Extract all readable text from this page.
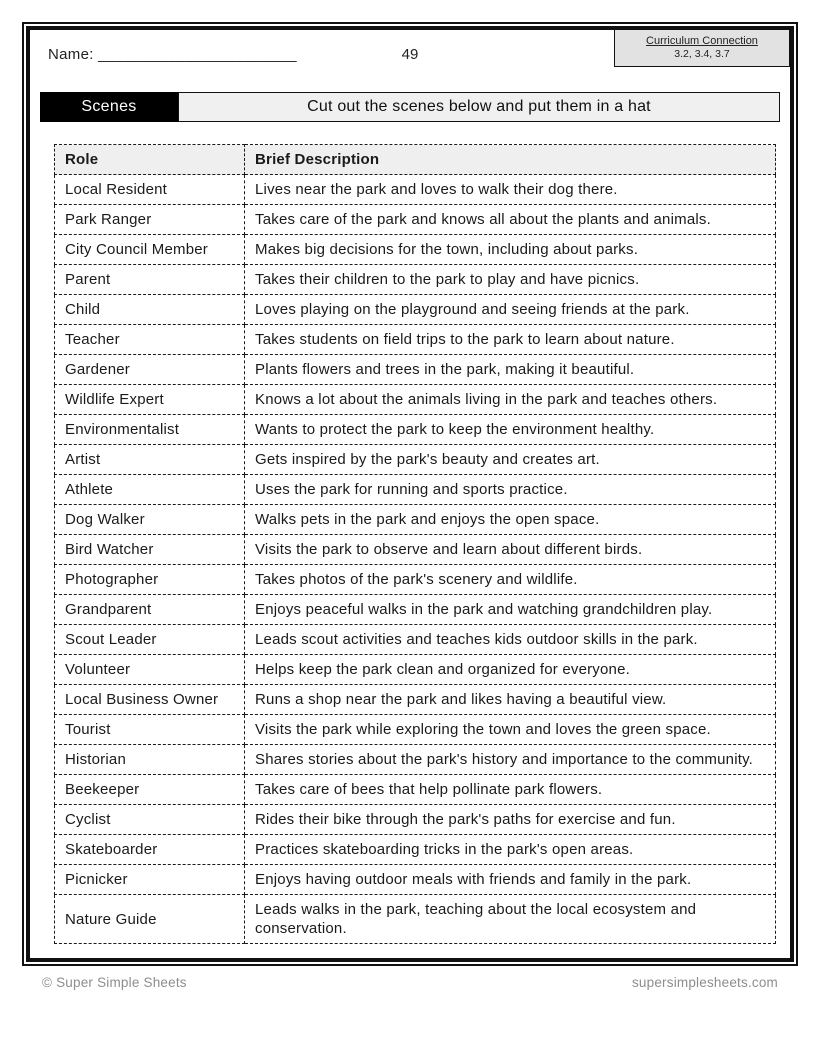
Name: _______________________	49
Curriculum Connection
3.2, 3.4, 3.7
Scenes	Cut out the scenes below and put them in a hat
Role	Brief Description
Local Resident	Lives near the park and loves to walk their dog there.
Park Ranger	Takes care of the park and knows all about the plants and animals.
City Council Member	Makes big decisions for the town, including about parks.
Parent	Takes their children to the park to play and have picnics.
Child	Loves playing on the playground and seeing friends at the park.
Teacher	Takes students on field trips to the park to learn about nature.
Gardener	Plants flowers and trees in the park, making it beautiful.
Wildlife Expert	Knows a lot about the animals living in the park and teaches others.
Environmentalist	Wants to protect the park to keep the environment healthy.
Artist	Gets inspired by the park's beauty and creates art.
Athlete	Uses the park for running and sports practice.
Dog Walker	Walks pets in the park and enjoys the open space.
Bird Watcher	Visits the park to observe and learn about different birds.
Photographer	Takes photos of the park's scenery and wildlife.
Grandparent	Enjoys peaceful walks in the park and watching grandchildren play.
Scout Leader	Leads scout activities and teaches kids outdoor skills in the park.
Volunteer	Helps keep the park clean and organized for everyone.
Local Business Owner	Runs a shop near the park and likes having a beautiful view.
Tourist	Visits the park while exploring the town and loves the green space.
Historian	Shares stories about the park's history and importance to the community.
Beekeeper	Takes care of bees that help pollinate park flowers.
Cyclist	Rides their bike through the park's paths for exercise and fun.
Skateboarder	Practices skateboarding tricks in the park's open areas.
Picnicker	Enjoys having outdoor meals with friends and family in the park.
Nature Guide	Leads walks in the park, teaching about the local ecosystem and conservation.
© Super Simple Sheets	supersimplesheets.com
